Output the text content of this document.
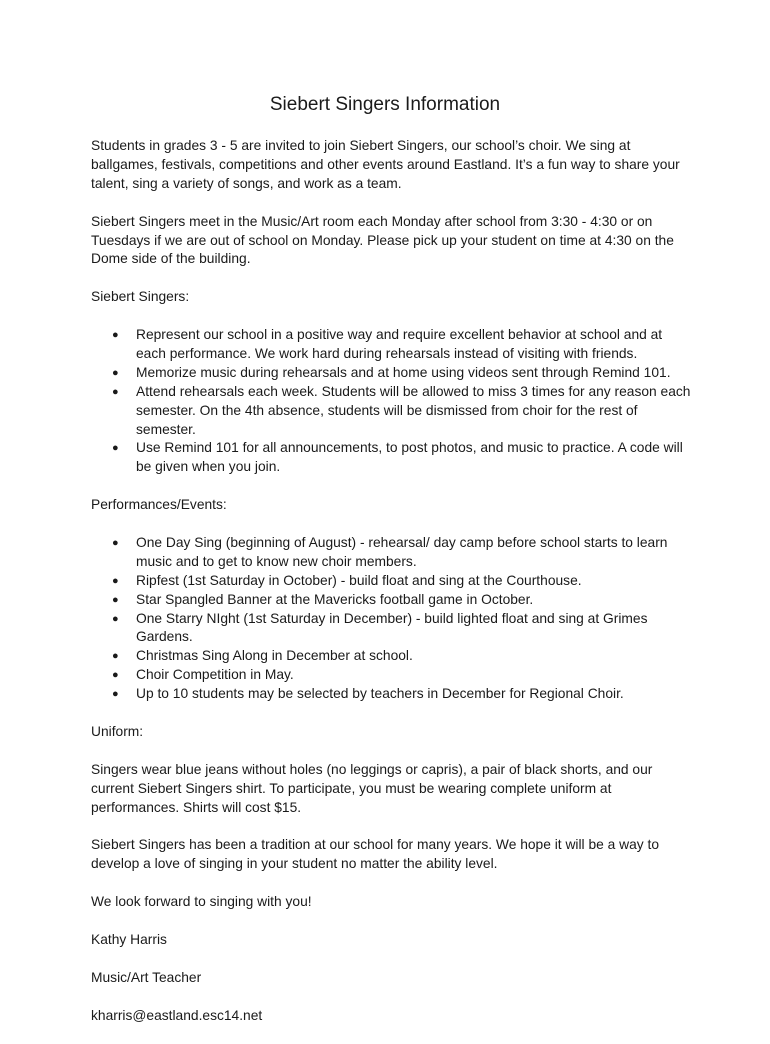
Siebert Singers Information

Students in grades 3 - 5 are invited to join Siebert Singers, our school’s choir. We sing at ballgames, festivals, competitions and other events around Eastland. It’s a fun way to share your talent, sing a variety of songs, and work as a team.

Siebert Singers meet in the Music/Art room each Monday after school from 3:30 - 4:30 or on Tuesdays if we are out of school on Monday. Please pick up your student on time at 4:30 on the Dome side of the building.

Siebert Singers:

● Represent our school in a positive way and require excellent behavior at school and at each performance. We work hard during rehearsals instead of visiting with friends.
● Memorize music during rehearsals and at home using videos sent through Remind 101.
● Attend rehearsals each week. Students will be allowed to miss 3 times for any reason each semester. On the 4th absence, students will be dismissed from choir for the rest of semester.
● Use Remind 101 for all announcements, to post photos, and music to practice. A code will be given when you join.

Performances/Events:

● One Day Sing (beginning of August) - rehearsal/ day camp before school starts to learn music and to get to know new choir members.
● Ripfest (1st Saturday in October) - build float and sing at the Courthouse.
● Star Spangled Banner at the Mavericks football game in October.
● One Starry NIght (1st Saturday in December) - build lighted float and sing at Grimes Gardens.
● Christmas Sing Along in December at school.
● Choir Competition in May.
● Up to 10 students may be selected by teachers in December for Regional Choir.

Uniform:

Singers wear blue jeans without holes (no leggings or capris), a pair of black shorts, and our current Siebert Singers shirt. To participate, you must be wearing complete uniform at performances. Shirts will cost $15.

Siebert Singers has been a tradition at our school for many years. We hope it will be a way to develop a love of singing in your student no matter the ability level.

We look forward to singing with you!

Kathy Harris

Music/Art Teacher

kharris@eastland.esc14.net
